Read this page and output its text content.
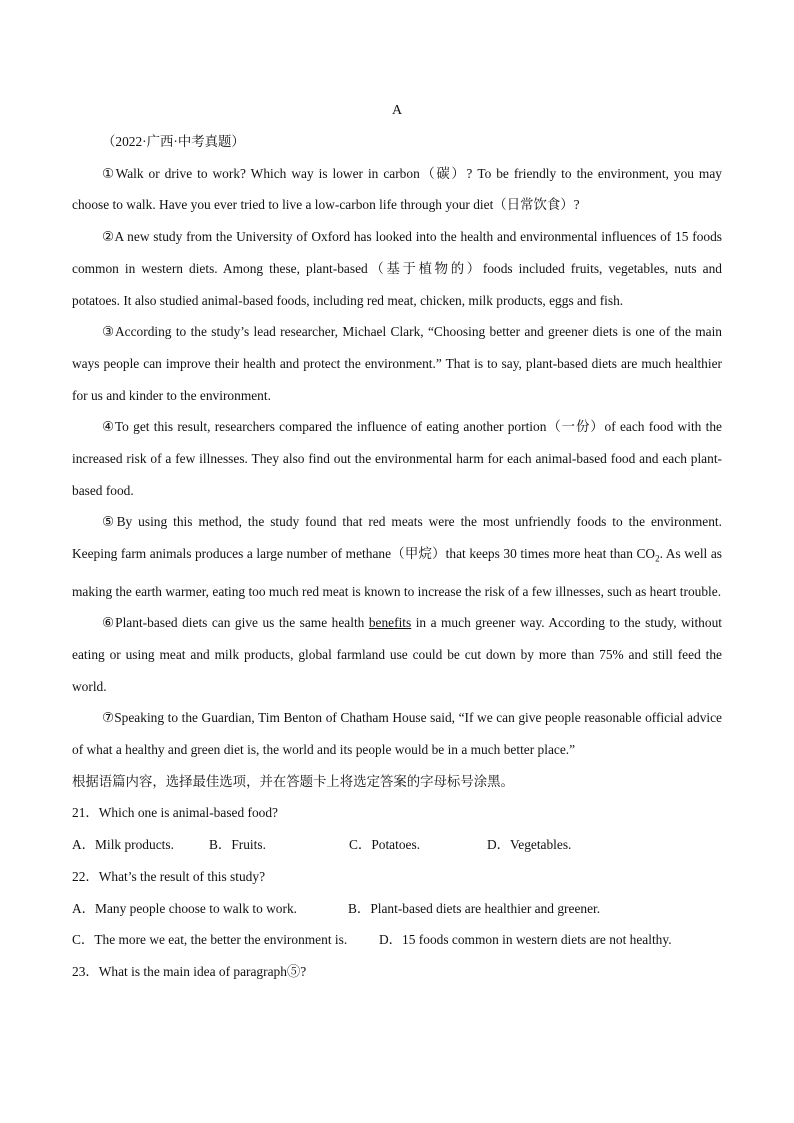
A

（2022·广西·中考真题）

①Walk or drive to work? Which way is lower in carbon（碳）? To be friendly to the environment, you may choose to walk. Have you ever tried to live a low-carbon life through your diet（日常饮食）?

②A new study from the University of Oxford has looked into the health and environmental influences of 15 foods common in western diets. Among these, plant-based（基于植物的）foods included fruits, vegetables, nuts and potatoes. It also studied animal-based foods, including red meat, chicken, milk products, eggs and fish.

③According to the study’s lead researcher, Michael Clark, “Choosing better and greener diets is one of the main ways people can improve their health and protect the environment.” That is to say, plant-based diets are much healthier for us and kinder to the environment.

④To get this result, researchers compared the influence of eating another portion（一份）of each food with the increased risk of a few illnesses. They also find out the environmental harm for each animal-based food and each plant-based food.

⑤By using this method, the study found that red meats were the most unfriendly foods to the environment. Keeping farm animals produces a large number of methane（甲烷）that keeps 30 times more heat than $CO_2$. As well as making the earth warmer, eating too much red meat is known to increase the risk of a few illnesses, such as heart trouble.

⑥Plant-based diets can give us the same health benefits in a much greener way. According to the study, without eating or using meat and milk products, global farmland use could be cut down by more than 75% and still feed the world.

⑦Speaking to the Guardian, Tim Benton of Chatham House said, “If we can give people reasonable official advice of what a healthy and green diet is, the world and its people would be in a much better place.”

根据语篇内容，选择最佳选项，并在答题卡上将选定答案的字母标号涂黑。

21．Which one is animal-based food?

A．Milk products.	B．Fruits.	C．Potatoes.	D．Vegetables.

22．What’s the result of this study?

A．Many people choose to walk to work.	B．Plant-based diets are healthier and greener.
C．The more we eat, the better the environment is.	D．15 foods common in western diets are not healthy.

23．What is the main idea of paragraph⑤?
